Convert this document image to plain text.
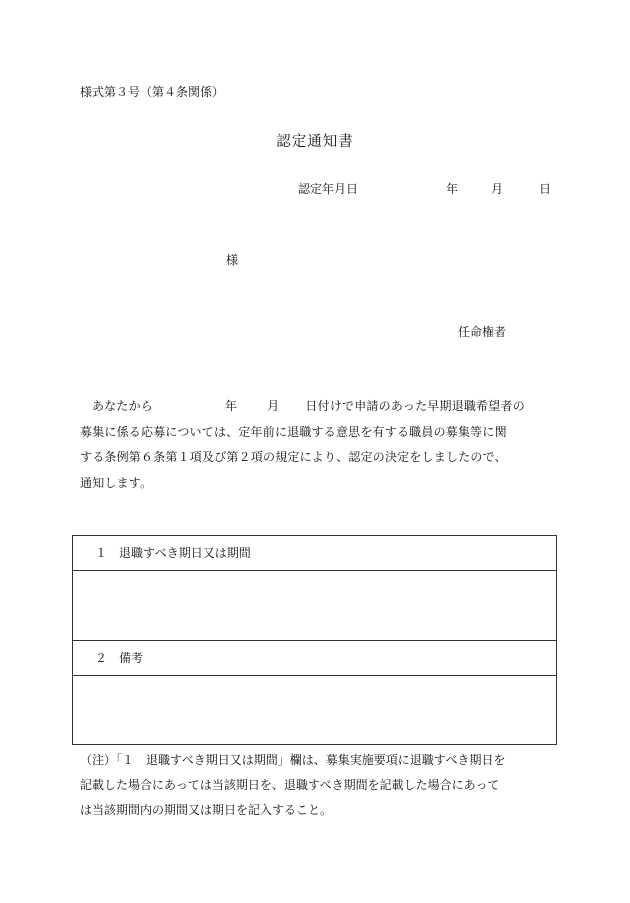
様式第３号（第４条関係）
認定通知書
認定年月日	年	月	日
様
任命権者
あなたから	年	月 日付けで申請のあった早期退職希望者の
募集に係る応募については、定年前に退職する意思を有する職員の募集等に関
する条例第６条第１項及び第２項の規定により、認定の決定をしましたので、
通知します。
１ 退職すべき期日又は期間
２ 備考
（注）「１　退職すべき期日又は期間」欄は、募集実施要項に退職すべき期日を
記載した場合にあっては当該期日を、退職すべき期間を記載した場合にあって
は当該期間内の期間又は期日を記入すること。
